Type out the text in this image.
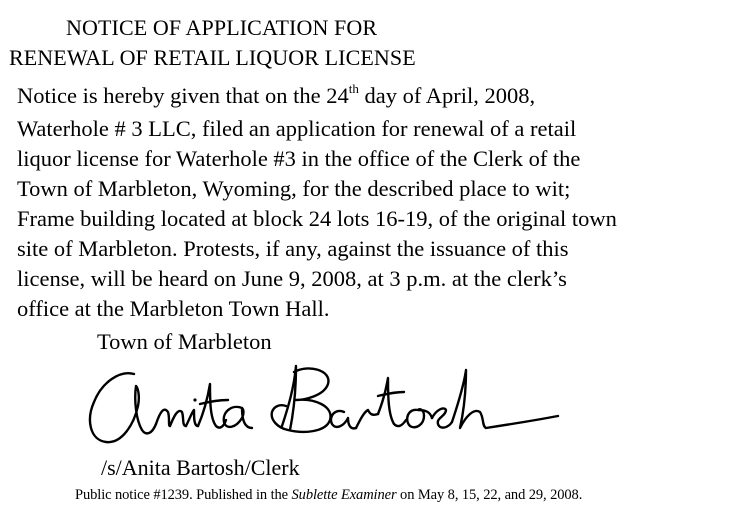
NOTICE OF APPLICATION FOR
RENEWAL OF RETAIL LIQUOR LICENSE
Notice is hereby given that on the 24th day of April, 2008,
Waterhole # 3 LLC, filed an application for renewal of a retail
liquor license for Waterhole #3 in the office of the Clerk of the
Town of Marbleton, Wyoming, for the described place to wit;
Frame building located at block 24 lots 16-19, of the original town
site of Marbleton. Protests, if any, against the issuance of this
license, will be heard on June 9, 2008, at 3 p.m. at the clerk’s
office at the Marbleton Town Hall.
Town of Marbleton
/s/Anita Bartosh/Clerk
Public notice #1239. Published in the Sublette Examiner on May 8, 15, 22, and 29, 2008.
